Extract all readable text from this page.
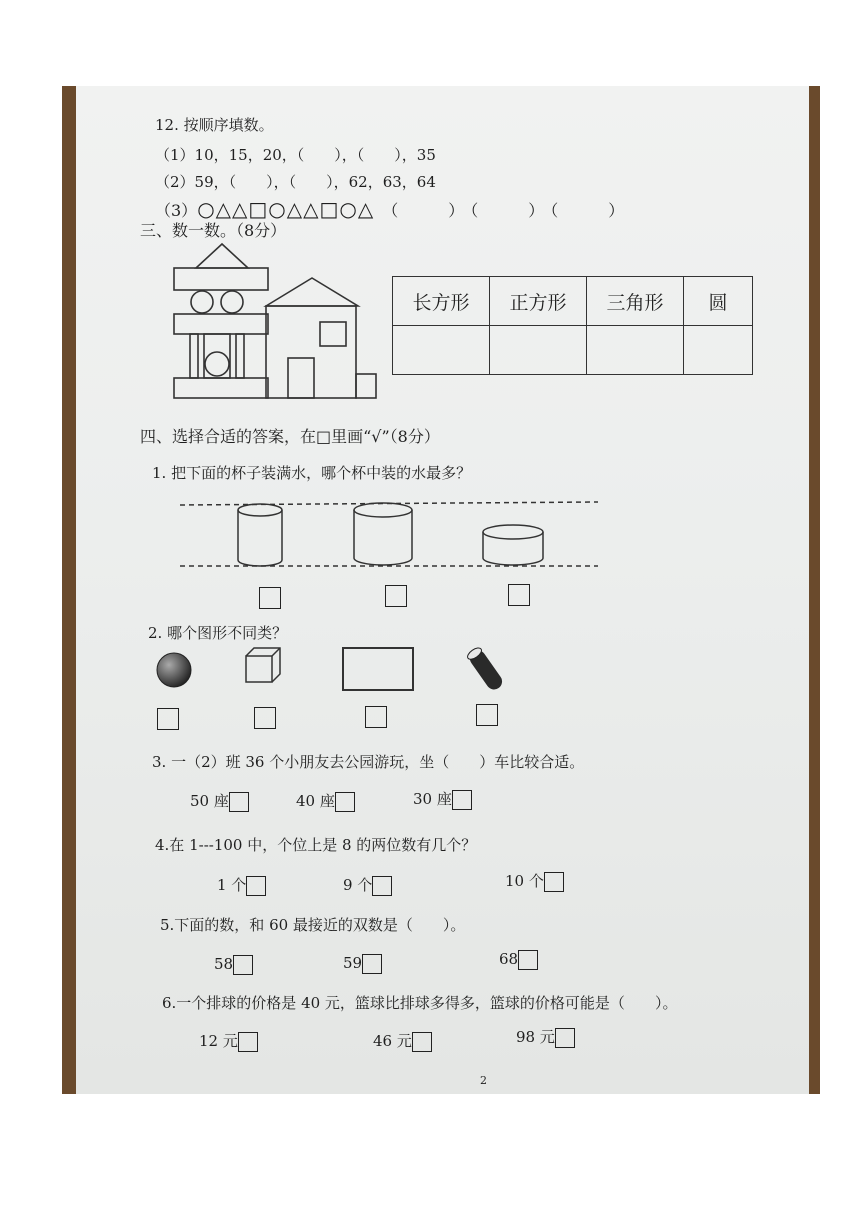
12. 按顺序填数。
（1）10，15，20，（　　），（　　），35
（2）59，（　　），（　　），62，63，64
（3）○△△□○△△□○△ （　　）（　　）（　　）
三、数一数。（8分）
长方形	正方形	三角形	圆

四、选择合适的答案，在□里画“√”（8分）
1. 把下面的杯子装满水，哪个杯中装的水最多？
2. 哪个图形不同类？
3. 一（2）班 36 个小朋友去公园游玩，坐（　　）车比较合适。
50 座	40 座	30 座
4.在 1---100 中，个位上是 8 的两位数有几个？
1 个	9 个	10 个
5.下面的数，和 60 最接近的双数是（　　）。
58	59	68
6.一个排球的价格是 40 元，篮球比排球多得多，篮球的价格可能是（　　）。
12 元	46 元	98 元
2
